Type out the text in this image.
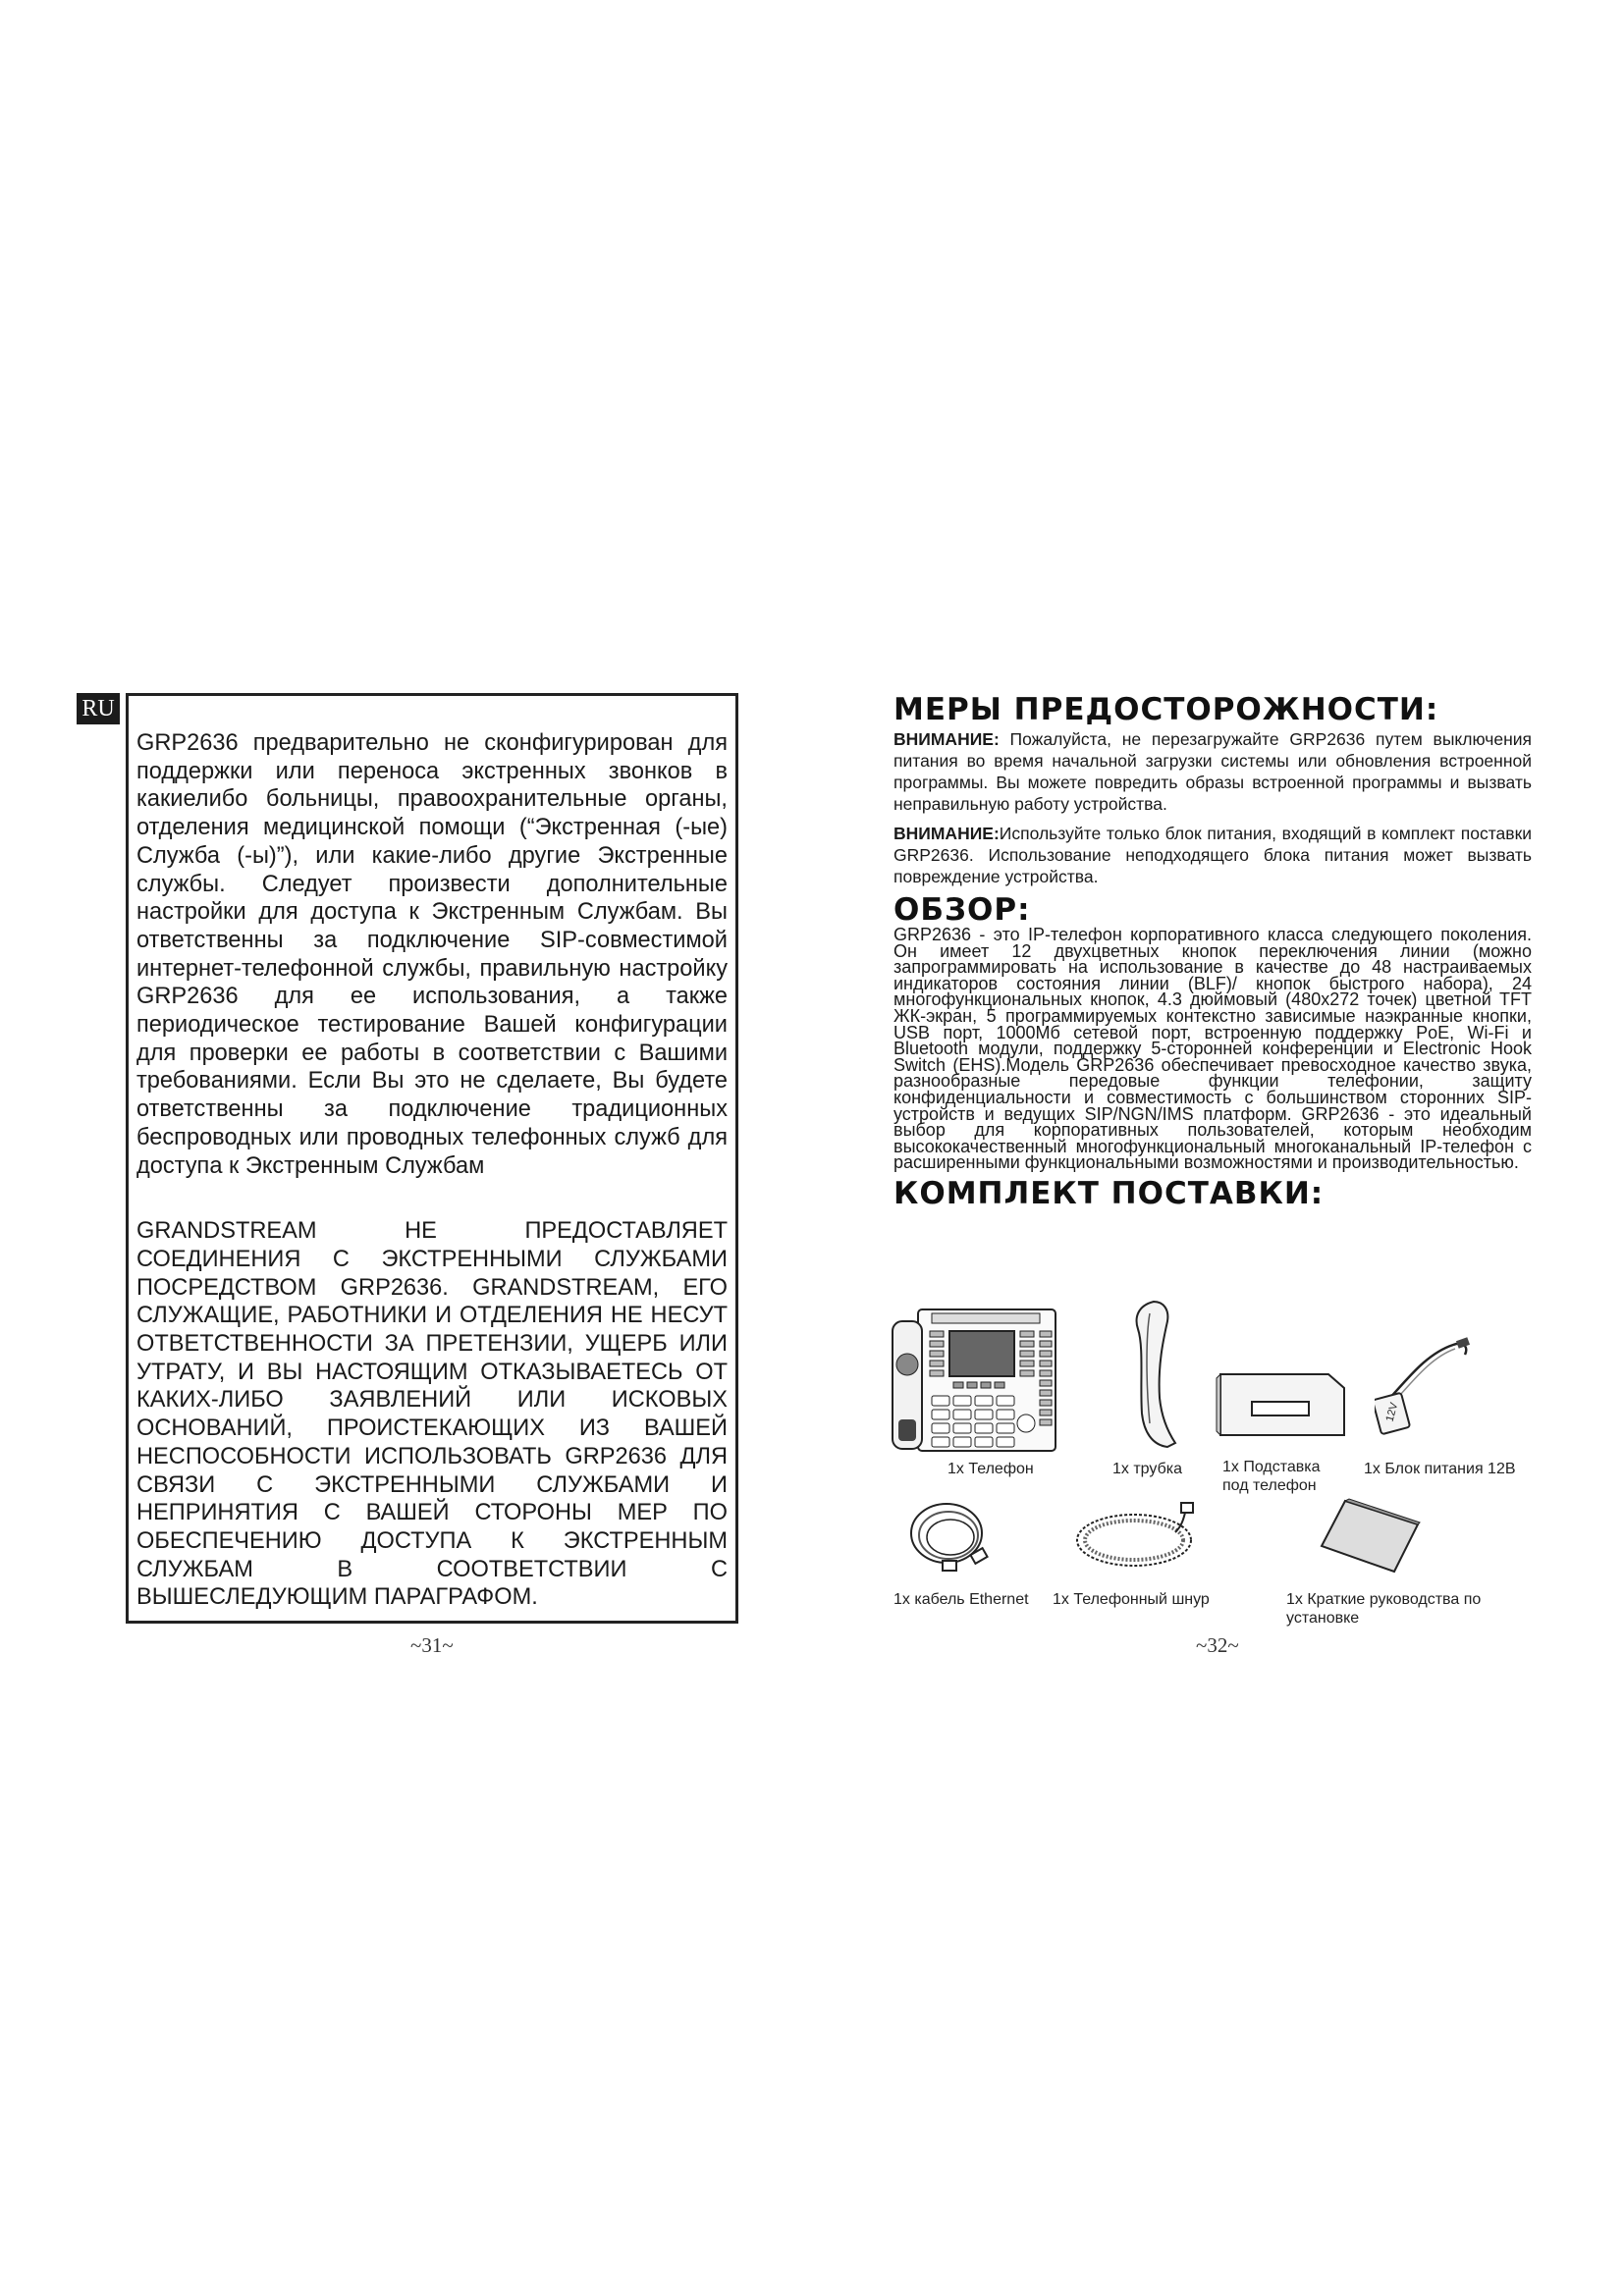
RU

GRP2636 предварительно не сконфигурирован для поддержки или переноса экстренных звонков в какиелибо больницы, правоохранительные органы, отделения медицинской помощи (“Экстренная (-ые) Служба (-ы)”), или какие-либо другие Экстренные службы. Следует произвести дополнительные настройки для доступа к Экстренным Службам. Вы ответственны за подключение SIP-совместимой интернет-телефонной службы, правильную настройку GRP2636 для ее использования, а также периодическое тестирование Вашей конфигурации для проверки ее работы в соответствии с Вашими требованиями. Если Вы это не сделаете, Вы будете ответственны за подключение традиционных беспроводных или проводных телефонных служб для доступа к Экстренным Службам

GRANDSTREAM НЕ ПРЕДОСТАВЛЯЕТ СОЕДИНЕНИЯ С ЭКСТРЕННЫМИ СЛУЖБАМИ ПОСРЕДСТВОМ GRP2636. GRANDSTREAM, ЕГО СЛУЖАЩИЕ, РАБОТНИКИ И ОТДЕЛЕНИЯ НЕ НЕСУТ ОТВЕТСТВЕННОСТИ ЗА ПРЕТЕНЗИИ, УЩЕРБ ИЛИ УТРАТУ, И ВЫ НАСТОЯЩИМ ОТКАЗЫВАЕТЕСЬ ОТ КАКИХ-ЛИБО ЗАЯВЛЕНИЙ ИЛИ ИСКОВЫХ ОСНОВАНИЙ, ПРОИСТЕКАЮЩИХ ИЗ ВАШЕЙ НЕСПОСОБНОСТИ ИСПОЛЬЗОВАТЬ GRP2636 ДЛЯ СВЯЗИ С ЭКСТРЕННЫМИ СЛУЖБАМИ И НЕПРИНЯТИЯ С ВАШЕЙ СТОРОНЫ МЕР ПО ОБЕСПЕЧЕНИЮ ДОСТУПА К ЭКСТРЕННЫМ СЛУЖБАМ В СООТВЕТСТВИИ С ВЫШЕСЛЕДУЮЩИМ ПАРАГРАФОМ.

~31~
МЕРЫ ПРЕДОСТОРОЖНОСТИ:

ВНИМАНИЕ: Пожалуйста, не перезагружайте GRP2636 путем выключения питания во время начальной загрузки системы или обновления встроенной программы. Вы можете повредить образы встроенной программы и вызвать неправильную работу устройства.

ВНИМАНИЕ:Используйте только блок питания, входящий в комплект поставки GRP2636. Использование неподходящего блока питания может вызвать повреждение устройства.

ОБЗОР:

GRP2636 - это IP-телефон корпоративного класса следующего поколения. Он имеет 12 двухцветных кнопок переключения линии (можно запрограммировать на использование в качестве до 48 настраиваемых индикаторов состояния линии (BLF)/ кнопок быстрого набора), 24 многофункциональных кнопок, 4.3 дюймовый (480x272 точек) цветной TFT ЖК-экран, 5 программируемых контекстно зависимые наэкранные кнопки, USB порт, 1000Мб сетевой порт, встроенную поддержку PoE, Wi-Fi и Bluetooth модули, поддержку 5-сторонней конференции и Electronic Hook Switch (EHS).Модель GRP2636 обеспечивает превосходное качество звука, разнообразные передовые функции телефонии, защиту конфиденциальности и совместимость с большинством сторонних SIP-устройств и ведущих SIP/NGN/IMS платформ. GRP2636 - это идеальный выбор для корпоративных пользователей, которым необходим высококачественный многофункциональный многоканальный IP-телефон с расширенными функциональными возможностями и производительностью.

КОМПЛЕКТ ПОСТАВКИ:
1x Телефон	1x трубка	1x Подставка под телефон
12V
1x Блок питания 12В
1x кабель Ethernet 1x Телефонный шнур	1x Краткие руководства по установке
~32~
